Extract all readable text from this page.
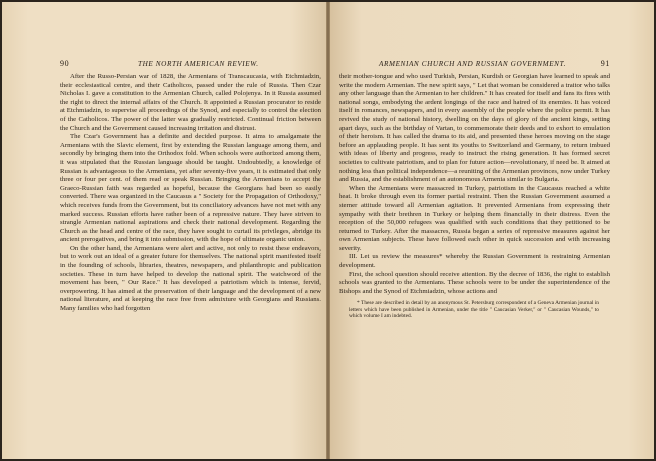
90	THE NORTH AMERICAN REVIEW.

After the Russo-Persian war of 1828, the Armenians of Transcaucasia, with Etchmiadzin, their ecclesiastical centre, and their Catholicos, passed under the rule of Russia. Then Czar Nicholas I. gave a constitution to the Armenian Church, called Polojenya. In it Russia assumed the right to direct the internal affairs of the Church. It appointed a Russian procurator to reside at Etchmiadzin, to supervise all proceedings of the Synod, and especially to control the election of the Catholicos. The power of the latter was gradually restricted. Continual friction between the Church and the Government caused increasing irritation and distrust.

The Czar's Government has a definite and decided purpose. It aims to amalgamate the Armenians with the Slavic element, first by extending the Russian language among them, and secondly by bringing them into the Orthodox fold. When schools were authorized among them, it was stipulated that the Russian language should be taught. Undoubtedly, a knowledge of Russian is advantageous to the Armenians, yet after seventy-five years, it is estimated that only three or four per cent. of them read or speak Russian. Bringing the Armenians to accept the Graeco-Russian faith was regarded as hopeful, because the Georgians had been so easily converted. There was organized in the Caucasus a " Society for the Propagation of Orthodoxy," which receives funds from the Government, but its conciliatory advances have not met with any marked success. Russian efforts have rather been of a repressive nature. They have striven to strangle Armenian national aspirations and check their national development. Regarding the Church as the head and centre of the race, they have sought to curtail its privileges, abridge its ancient prerogatives, and bring it into submission, with the hope of ultimate organic union.

On the other hand, the Armenians were alert and active, not only to resist these endeavors, but to work out an ideal of a greater future for themselves. The national spirit manifested itself in the founding of schools, libraries, theatres, newspapers, and philanthropic and publication societies. These in turn have helped to develop the national spirit. The watchword of the movement has been, " Our Race." It has developed a patriotism which is intense, fervid, overpowering. It has aimed at the preservation of their language and the development of a new national literature, and at keeping the race free from admixture with Georgians and Russians. Many families who had forgotten

ARMENIAN CHURCH AND RUSSIAN GOVERNMENT.	91

their mother-tongue and who used Turkish, Persian, Kurdish or Georgian have learned to speak and write the modern Armenian. The new spirit says, " Let that woman be considered a traitor who talks any other language than the Armenian to her children." It has created for itself and fans its fires with national songs, embodying the ardent longings of the race and hatred of its enemies. It has voiced itself in romances, newspapers, and in every assembly of the people where the police permit. It has revived the study of national history, dwelling on the days of glory of the ancient kings, setting apart days, such as the birthday of Vartan, to commemorate their deeds and to exhort to emulation of their heroism. It has called the drama to its aid, and presented these heroes moving on the stage before an applauding people. It has sent its youths to Switzerland and Germany, to return imbued with ideas of liberty and progress, ready to instruct the rising generation. It has formed secret societies to cultivate patriotism, and to plan for future action—revolutionary, if need be. It aimed at nothing less than political independence—a reuniting of the Armenian provinces, now under Turkey and Russia, and the establishment of an autonomous Armenia similar to Bulgaria.

When the Armenians were massacred in Turkey, patriotism in the Caucasus reached a white heat. It broke through even its former partial restraint. Then the Russian Government assumed a sterner attitude toward all Armenian agitation. It prevented Armenians from expressing their sympathy with their brethren in Turkey or helping them financially in their distress. Even the reception of the 50,000 refugees was qualified with such conditions that they petitioned to be returned to Turkey. After the massacres, Russia began a series of repressive measures against her own Armenian subjects. These have followed each other in quick succession and with increasing severity.

III. Let us review the measures* whereby the Russian Government is restraining Armenian development.

First, the school question should receive attention. By the decree of 1836, the right to establish schools was granted to the Armenians. These schools were to be under the superintendence of the Bishops and the Synod of Etchmiadzin, whose actions and

* These are described in detail by an anonymous St. Petersburg correspondent of a Geneva Armenian journal in letters which have been published in Armenian, under the title " Caucasian Verker," or " Caucasian Wounds," to which volume I am indebted.
